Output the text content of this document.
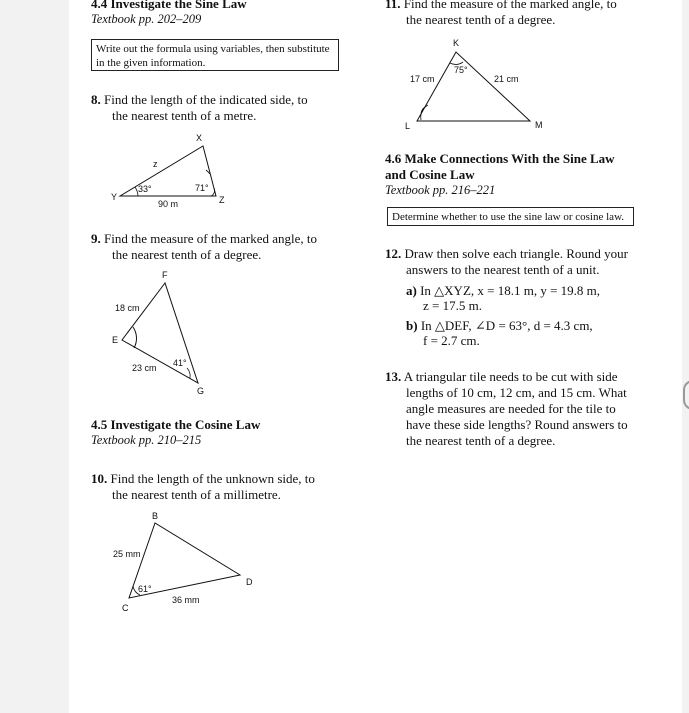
4.4 Investigate the Sine Law
Textbook pp. 202–209
Write out the formula using variables, then substitute
in the given information.
8. Find the length of the indicated side, to
the nearest tenth of a metre.
X
Y	Z
z
33°	71°
90 m
F
E
G
18 cm
23 cm 41°
B
C
D
25 mm
36 mm
61°
K
L	M
17 cm	21 cm
75°
9. Find the measure of the marked angle, to
the nearest tenth of a degree.
4.5 Investigate the Cosine Law
Textbook pp. 210–215
10. Find the length of the unknown side, to
the nearest tenth of a millimetre.
11. Find the measure of the marked angle, to
the nearest tenth of a degree.
4.6 Make Connections With the Sine Law
and Cosine Law
Textbook pp. 216–221
Determine whether to use the sine law or cosine law.
12. Draw then solve each triangle. Round your
answers to the nearest tenth of a unit.
a) In △XYZ, x = 18.1 m, y = 19.8 m,
z = 17.5 m.
b) In △DEF, ∠D = 63°, d = 4.3 cm,
f = 2.7 cm.
13. A triangular tile needs to be cut with side
lengths of 10 cm, 12 cm, and 15 cm. What
angle measures are needed for the tile to
have these side lengths? Round answers to
the nearest tenth of a degree.
